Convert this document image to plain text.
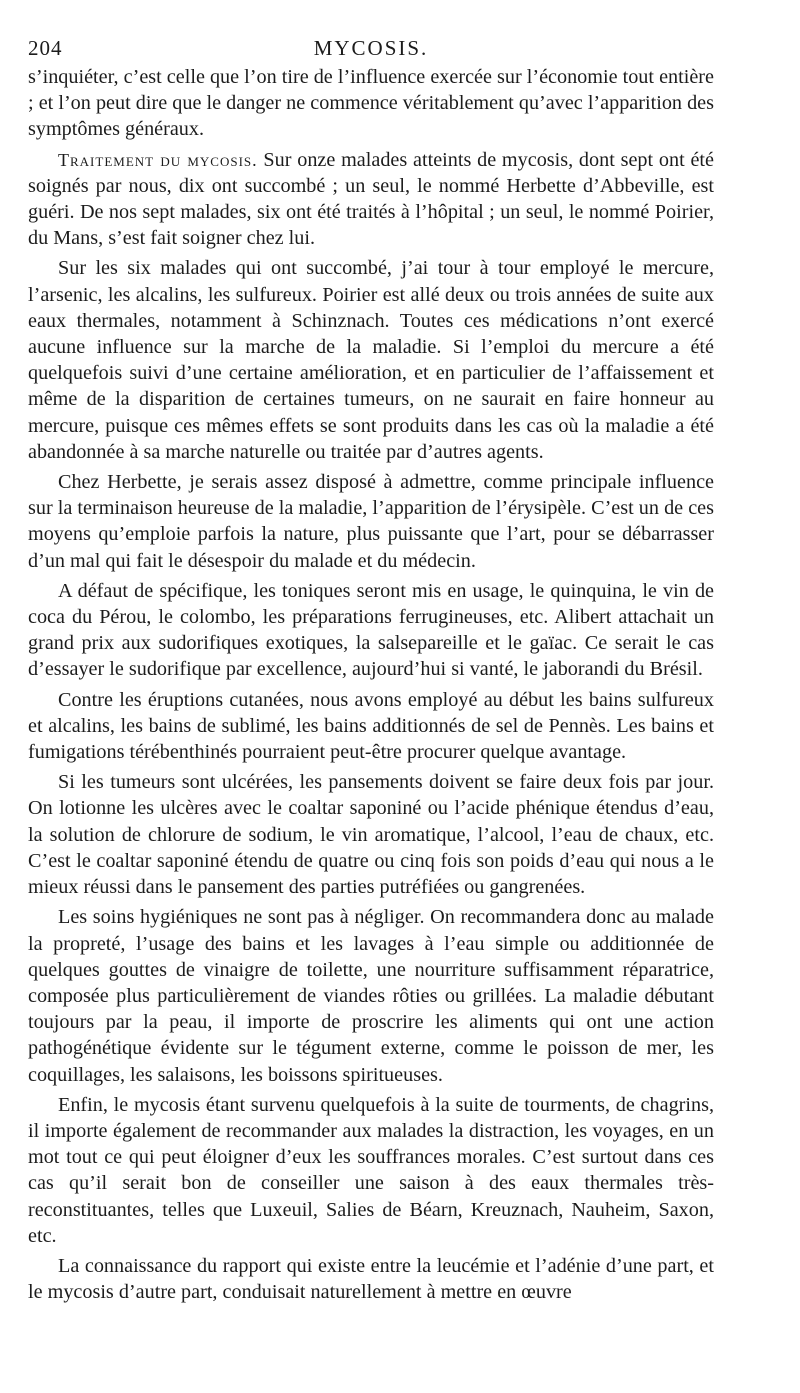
204	MYCOSIS.

s’inquiéter, c’est celle que l’on tire de l’influence exercée sur l’économie tout entière ; et l’on peut dire que le danger ne commence véritablement qu’avec l’apparition des symptômes généraux.

Traitement du mycosis. Sur onze malades atteints de mycosis, dont sept ont été soignés par nous, dix ont succombé ; un seul, le nommé Herbette d’Abbeville, est guéri. De nos sept malades, six ont été traités à l’hôpital ; un seul, le nommé Poirier, du Mans, s’est fait soigner chez lui.

Sur les six malades qui ont succombé, j’ai tour à tour employé le mercure, l’arsenic, les alcalins, les sulfureux. Poirier est allé deux ou trois années de suite aux eaux thermales, notamment à Schinznach. Toutes ces médications n’ont exercé aucune influence sur la marche de la maladie. Si l’emploi du mercure a été quelquefois suivi d’une certaine amélioration, et en particulier de l’affaissement et même de la disparition de certaines tumeurs, on ne saurait en faire honneur au mercure, puisque ces mêmes effets se sont produits dans les cas où la maladie a été abandonnée à sa marche naturelle ou traitée par d’autres agents.

Chez Herbette, je serais assez disposé à admettre, comme principale influence sur la terminaison heureuse de la maladie, l’apparition de l’érysipèle. C’est un de ces moyens qu’emploie parfois la nature, plus puissante que l’art, pour se débarrasser d’un mal qui fait le désespoir du malade et du médecin.

A défaut de spécifique, les toniques seront mis en usage, le quinquina, le vin de coca du Pérou, le colombo, les préparations ferrugineuses, etc. Alibert attachait un grand prix aux sudorifiques exotiques, la salsepareille et le gaïac. Ce serait le cas d’essayer le sudorifique par excellence, aujourd’hui si vanté, le jaborandi du Brésil.

Contre les éruptions cutanées, nous avons employé au début les bains sulfureux et alcalins, les bains de sublimé, les bains additionnés de sel de Pennès. Les bains et fumigations térébenthinés pourraient peut-être procurer quelque avantage.

Si les tumeurs sont ulcérées, les pansements doivent se faire deux fois par jour. On lotionne les ulcères avec le coaltar saponiné ou l’acide phénique étendus d’eau, la solution de chlorure de sodium, le vin aromatique, l’alcool, l’eau de chaux, etc. C’est le coaltar saponiné étendu de quatre ou cinq fois son poids d’eau qui nous a le mieux réussi dans le pansement des parties putréfiées ou gangrenées.

Les soins hygiéniques ne sont pas à négliger. On recommandera donc au malade la propreté, l’usage des bains et les lavages à l’eau simple ou additionnée de quelques gouttes de vinaigre de toilette, une nourriture suffisamment réparatrice, composée plus particulièrement de viandes rôties ou grillées. La maladie débutant toujours par la peau, il importe de proscrire les aliments qui ont une action pathogénétique évidente sur le tégument externe, comme le poisson de mer, les coquillages, les salaisons, les boissons spiritueuses.

Enfin, le mycosis étant survenu quelquefois à la suite de tourments, de chagrins, il importe également de recommander aux malades la distraction, les voyages, en un mot tout ce qui peut éloigner d’eux les souffrances morales. C’est surtout dans ces cas qu’il serait bon de conseiller une saison à des eaux thermales très-reconstituantes, telles que Luxeuil, Salies de Béarn, Kreuznach, Nauheim, Saxon, etc.

La connaissance du rapport qui existe entre la leucémie et l’adénie d’une part, et le mycosis d’autre part, conduisait naturellement à mettre en œuvre
